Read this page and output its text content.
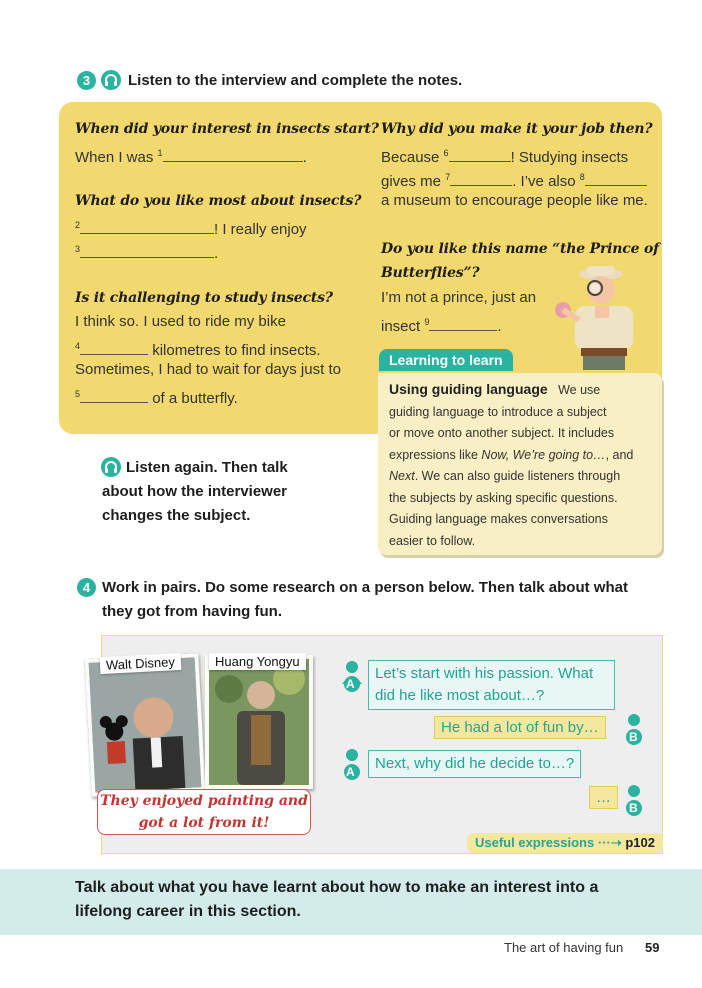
3	Listen to the interview and complete the notes.
When did your interest in insects start?
When I was $^1$	.
What do you like most about insects?
$^2$	! I really enjoy
$^3$	.
Is it challenging to study insects?
I think so. I used to ride my bike
$^4$	kilometres to find insects.
Sometimes, I had to wait for days just to
$^5$	of a butterfly.
Why did you make it your job then?
Because $^6$	! Studying insects
gives me $^7$	. I’ve also $^8$
a museum to encourage people like me.
Do you like this name “the Prince of
Butterflies”?
I’m not a prince, just an
insect $^9$	.
Learning to learn
Using guiding language We use
guiding language to introduce a subject
or move onto another subject. It includes
expressions like Now, We’re going to…, and
Next. We can also guide listeners through
the subjects by asking specific questions.
Guiding language makes conversations
easier to follow.
Listen again. Then talk
about how the interviewer
changes the subject.
4 Work in pairs. Do some research on a person below. Then talk about what
they got from having fun.
Walt Disney	Huang Yongyu
They enjoyed painting and
got a lot from it!
A
Let’s start with his passion. What
did he like most about…?
He had a lot of fun by…
B
A	Next, why did he decide to…?
…
B
Useful expressions ···➝ p102
Talk about what you have learnt about how to make an interest into a
lifelong career in this section.
The art of having fun 59
